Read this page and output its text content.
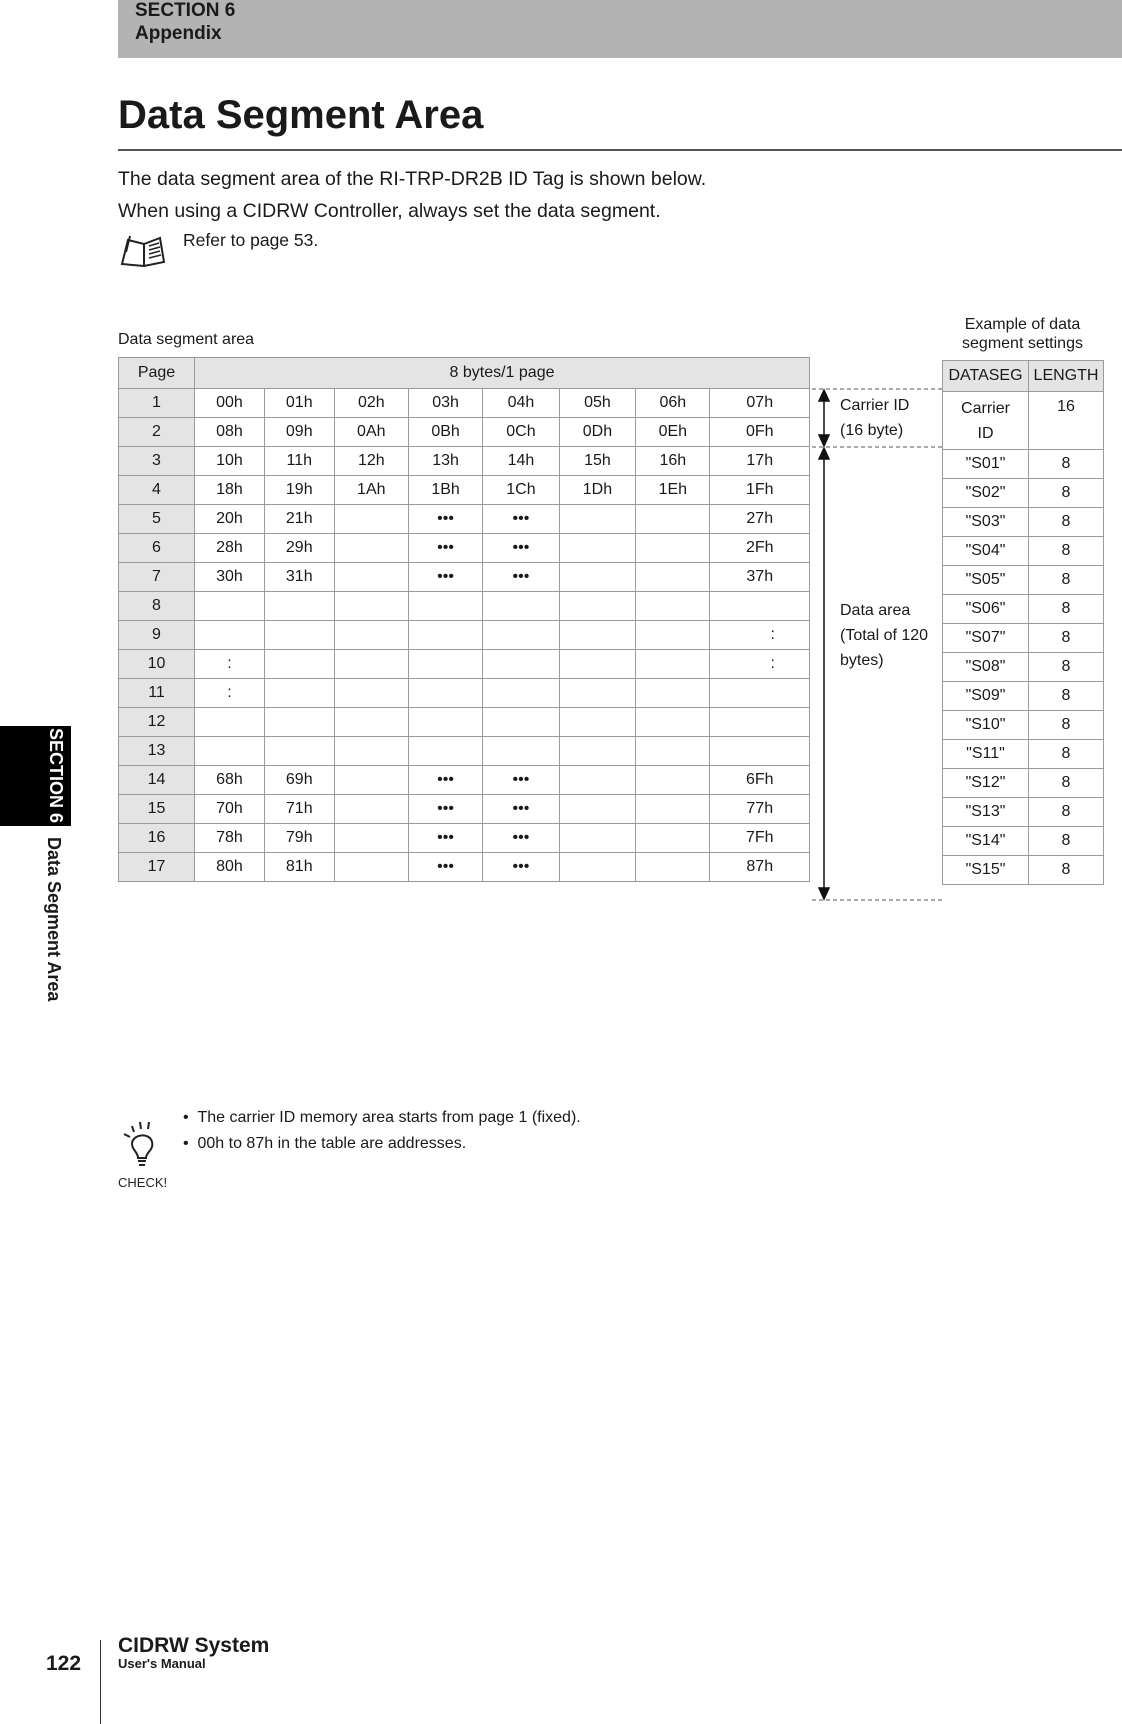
SECTION 6
Appendix
SECTION 6
Data Segment Area
Data Segment Area
The data segment area of the RI-TRP-DR2B ID Tag is shown below.
When using a CIDRW Controller, always set the data segment.
Refer to page 53.
Data segment area
Example of data
segment settings
Page	8 bytes/1 page							
1	00h	01h	02h	03h	04h	05h	06h	07h
2	08h	09h	0Ah	0Bh	0Ch	0Dh	0Eh	0Fh
3	10h	11h	12h	13h	14h	15h	16h	17h
4	18h	19h	1Ah	1Bh	1Ch	1Dh	1Eh	1Fh
5	20h	21h		•••	•••			27h
6	28h	29h		•••	•••			2Fh
7	30h	31h		•••	•••			37h
8								
9								:
10	:							:
11	:							
12								
13								
14	68h	69h		•••	•••			6Fh
15	70h	71h		•••	•••			77h
16	78h	79h		•••	•••			7Fh
17	80h	81h		•••	•••			87h
DATASEG	LENGTH

Carrier
ID	16
"S01"	8
"S02"	8
"S03"	8
"S04"	8
"S05"	8
"S06"	8
"S07"	8
"S08"	8
"S09"	8
"S10"	8
"S11"	8
"S12"	8
"S13"	8
"S14"	8
"S15"	8
Carrier ID
(16 byte)
Data area
(Total of 120
bytes)
CHECK!
•  The carrier ID memory area starts from page 1 (fixed).
•  00h to 87h in the table are addresses.
122
CIDRW System
User's Manual
